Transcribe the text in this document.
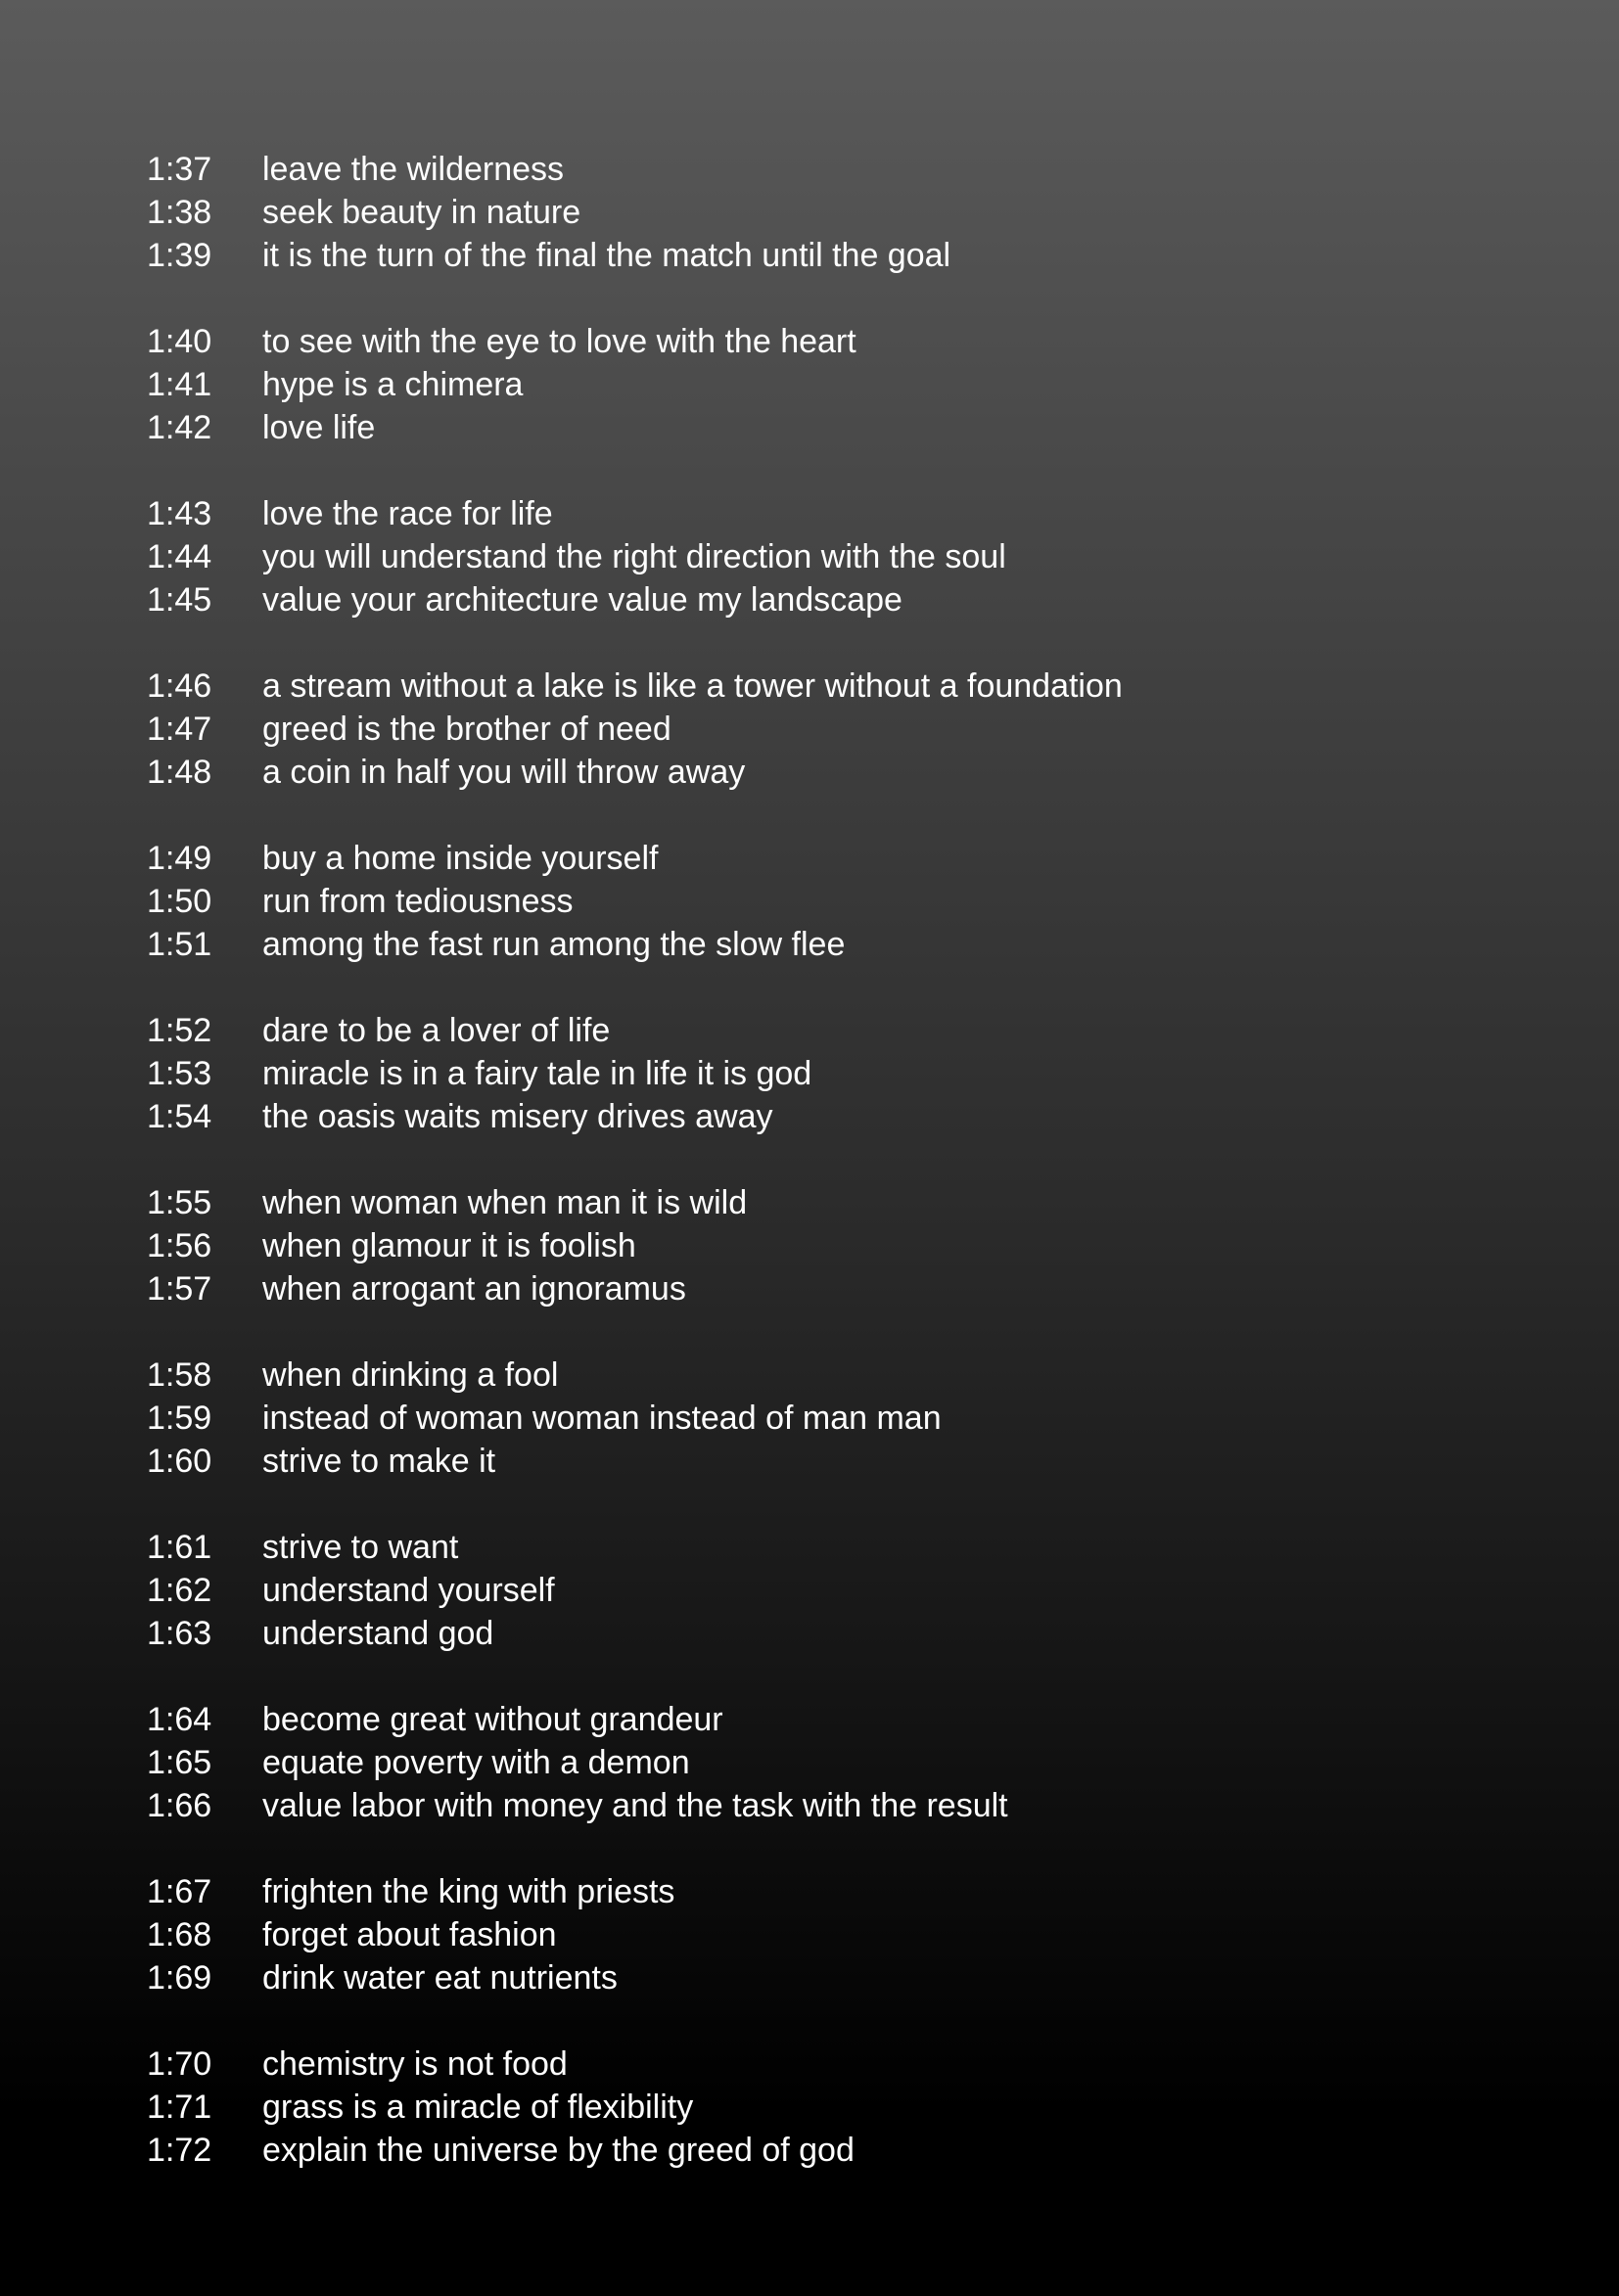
1:37 leave the wilderness
1:38 seek beauty in nature
1:39 it is the turn of the final the match until the goal
1:40 to see with the eye to love with the heart
1:41 hype is a chimera
1:42 love life
1:43 love the race for life
1:44 you will understand the right direction with the soul
1:45 value your architecture value my landscape
1:46 a stream without a lake is like a tower without a foundation
1:47 greed is the brother of need
1:48 a coin in half you will throw away
1:49 buy a home inside yourself
1:50 run from tediousness
1:51 among the fast run among the slow flee
1:52 dare to be a lover of life
1:53 miracle is in a fairy tale in life it is god
1:54 the oasis waits misery drives away
1:55 when woman when man it is wild
1:56 when glamour it is foolish
1:57 when arrogant an ignoramus
1:58 when drinking a fool
1:59 instead of woman woman instead of man man
1:60 strive to make it
1:61 strive to want
1:62 understand yourself
1:63 understand god
1:64 become great without grandeur
1:65 equate poverty with a demon
1:66 value labor with money and the task with the result
1:67 frighten the king with priests
1:68 forget about fashion
1:69 drink water eat nutrients
1:70 chemistry is not food
1:71 grass is a miracle of flexibility
1:72 explain the universe by the greed of god
